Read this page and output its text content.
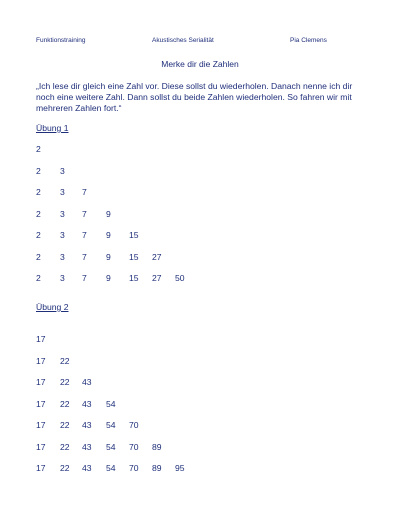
Funktionstraining	Akustisches Serialität	Pia Clemens
Merke dir die Zahlen
„Ich lese dir gleich eine Zahl vor. Diese sollst du wiederholen. Danach nenne ich dir noch eine weitere Zahl. Dann sollst du beide Zahlen wiederholen. So fahren wir mit mehreren Zahlen fort.“
Übung 1
2
2 3
2 3 7
2 3 7 9
2 3 7 9 15
2 3 7 9 15 27
2 3 7 9 15 27 50
Übung 2
17
17 22
17 22 43
17 22 43 54
17 22 43 54 70
17 22 43 54 70 89
17 22 43 54 70 89 95
